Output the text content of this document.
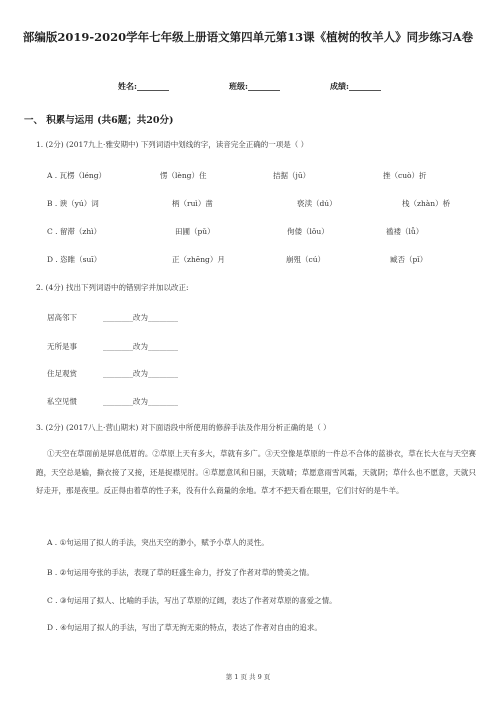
部编版2019-2020学年七年级上册语文第四单元第13课《植树的牧羊人》同步练习A卷
姓名:________	班级:________	成绩:________
一、 积累与运用 (共6题；共20分)
1. (2分) (2017九上·雅安期中) 下列词语中划线的字，读音完全正确的一项是（ ）
A . 瓦楞（léng）	愣（lèng）住	拮据（jū）	挫（cuò）折
B . 谀（yú）词	柄（ruì）凿	亵渎（dú）	栈（zhàn）桥
C . 留滞（zhì）	田圃（pǔ）	佝偻（lǒu）	褴褛（lǚ）
D . 恣睢（suī）	正（zhēng）月	崩殂（cú）	臧否（pǐ）
2. (4分) 找出下列词语中的错别字并加以改正:
居高邻下	________改为________
无所是事	________改为________
住足观赏	________改为________
私空见惯	________改为________
3. (2分) (2017八上·营山期末) 对下面语段中所使用的修辞手法及作用分析正确的是（ ）
①天空在草面前是屏息低眉的。②草原上天有多大，草就有多广。③天空像是草原的一件总不合体的蓝褂衣，草在长大在与天空赛跑，天空总是输，撕衣接了又接，还是捉襟见肘。④草愿意风和日丽，天就晴；草愿意雨雪风霜，天就阴；草什么也不愿意，天就只好走开，那是夜里。反正得由着草的性子来，没有什么商量的余地。草才不把天看在眼里，它们讨好的是牛羊。
A . ①句运用了拟人的手法，突出天空的渺小，赋予小草人的灵性。
B . ②句运用夸张的手法，表现了草的旺盛生命力，抒发了作者对草的赞美之情。
C . ③句运用了拟人、比喻的手法，写出了草原的辽阔，表达了作者对草原的喜爱之情。
D . ④句运用了拟人的手法，写出了草无拘无束的特点，表达了作者对自由的追求。
第 1 页 共 9 页
